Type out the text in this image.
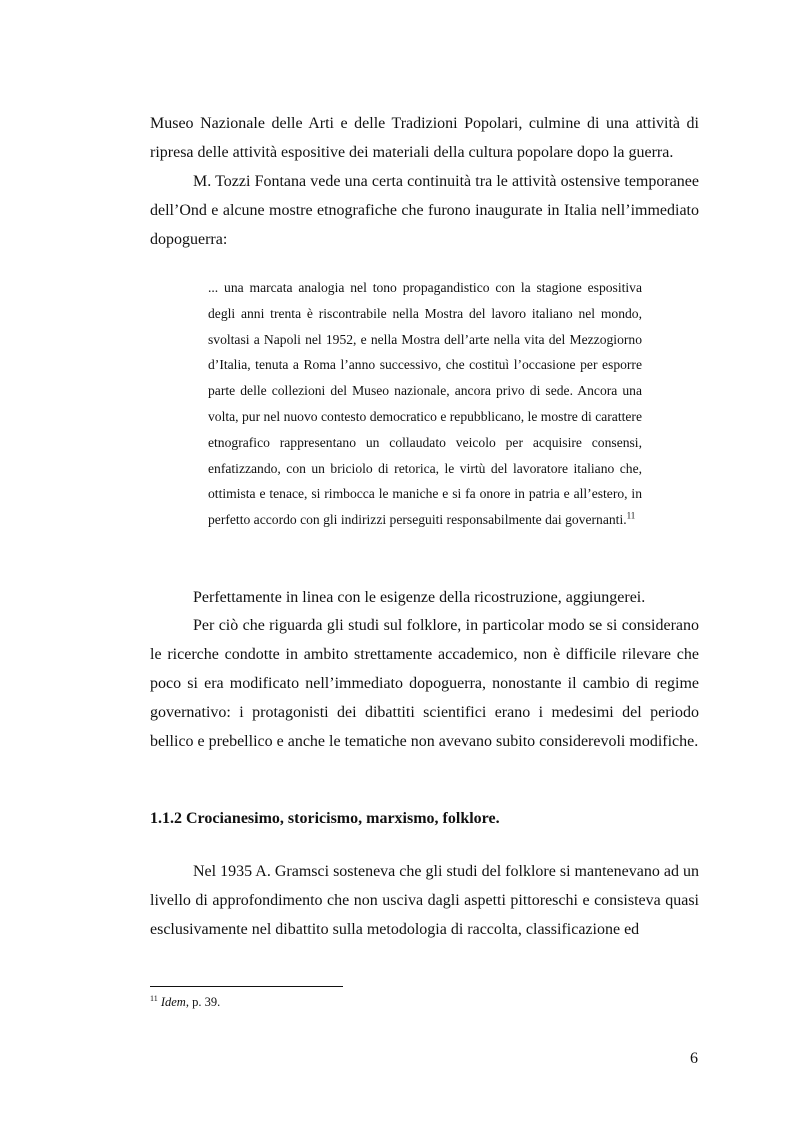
Museo Nazionale delle Arti e delle Tradizioni Popolari, culmine di una attività di ripresa delle attività espositive dei materiali della cultura popolare dopo la guerra.

M. Tozzi Fontana vede una certa continuità tra le attività ostensive temporanee dell’Ond e alcune mostre etnografiche che furono inaugurate in Italia nell’immediato dopoguerra:

... una marcata analogia nel tono propagandistico con la stagione espositiva degli anni trenta è riscontrabile nella Mostra del lavoro italiano nel mondo, svoltasi a Napoli nel 1952, e nella Mostra dell’arte nella vita del Mezzogiorno d’Italia, tenuta a Roma l’anno successivo, che costituì l’occasione per esporre parte delle collezioni del Museo nazionale, ancora privo di sede. Ancora una volta, pur nel nuovo contesto democratico e repubblicano, le mostre di carattere etnografico rappresentano un collaudato veicolo per acquisire consensi, enfatizzando, con un briciolo di retorica, le virtù del lavoratore italiano che, ottimista e tenace, si rimbocca le maniche e si fa onore in patria e all’estero, in perfetto accordo con gli indirizzi perseguiti responsabilmente dai governanti.$^{11}$

Perfettamente in linea con le esigenze della ricostruzione, aggiungerei.

Per ciò che riguarda gli studi sul folklore, in particolar modo se si considerano le ricerche condotte in ambito strettamente accademico, non è difficile rilevare che poco si era modificato nell’immediato dopoguerra, nonostante il cambio di regime governativo: i protagonisti dei dibattiti scientifici erano i medesimi del periodo bellico e prebellico e anche le tematiche non avevano subito considerevoli modifiche.

1.1.2 Crocianesimo, storicismo, marxismo, folklore.

Nel 1935 A. Gramsci sosteneva che gli studi del folklore si mantenevano ad un livello di approfondimento che non usciva dagli aspetti pittoreschi e consisteva quasi esclusivamente nel dibattito sulla metodologia di raccolta, classificazione ed

$^{11}$ Idem, p. 39.

6
